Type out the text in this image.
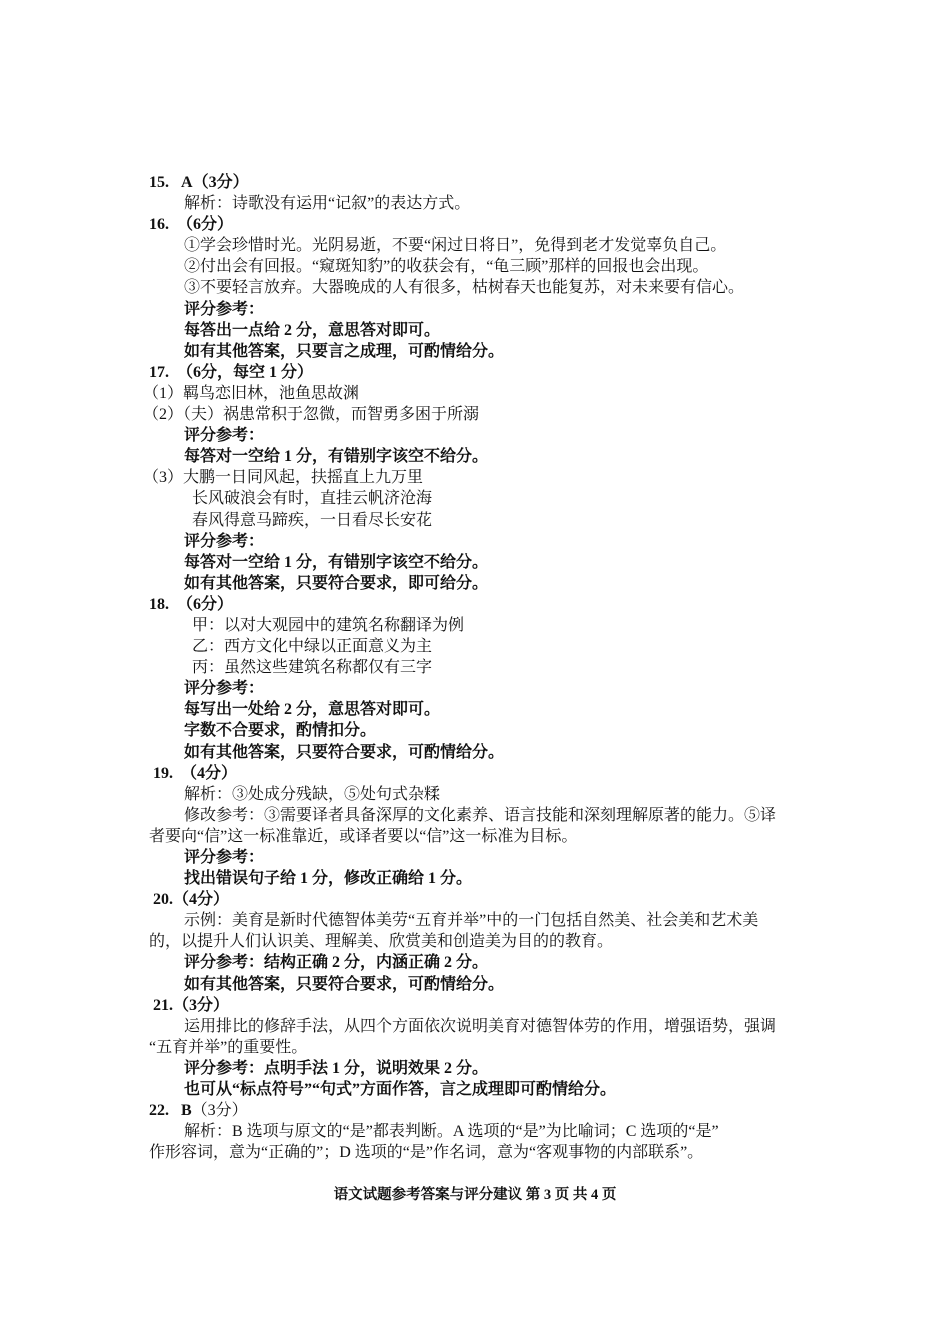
15. A（3分）
解析：诗歌没有运用“记叙”的表达方式。
16. （6分）
①学会珍惜时光。光阴易逝，不要“闲过日将日”，免得到老才发觉辜负自己。
②付出会有回报。“窥斑知豹”的收获会有，“龟三顾”那样的回报也会出现。
③不要轻言放弃。大器晚成的人有很多，枯树春天也能复苏，对未来要有信心。
评分参考：
每答出一点给 2 分，意思答对即可。
如有其他答案，只要言之成理，可酌情给分。
17. （6分，每空 1 分）
（1）羁鸟恋旧林，池鱼思故渊
（2）（夫）祸患常积于忽微，而智勇多困于所溺
评分参考：
每答对一空给 1 分，有错别字该空不给分。
（3）大鹏一日同风起，扶摇直上九万里
长风破浪会有时，直挂云帆济沧海
春风得意马蹄疾，一日看尽长安花
评分参考：
每答对一空给 1 分，有错别字该空不给分。
如有其他答案，只要符合要求，即可给分。
18. （6分）
甲：以对大观园中的建筑名称翻译为例
乙：西方文化中绿以正面意义为主
丙：虽然这些建筑名称都仅有三字
评分参考：
每写出一处给 2 分，意思答对即可。
字数不合要求，酌情扣分。
如有其他答案，只要符合要求，可酌情给分。
19. （4分）
解析：③处成分残缺，⑤处句式杂糅
修改参考：③需要译者具备深厚的文化素养、语言技能和深刻理解原著的能力。⑤译
者要向“信”这一标准靠近，或译者要以“信”这一标准为目标。
评分参考：
找出错误句子给 1 分，修改正确给 1 分。
20.（4分）
示例：美育是新时代德智体美劳“五育并举”中的一门包括自然美、社会美和艺术美
的，以提升人们认识美、理解美、欣赏美和创造美为目的的教育。
评分参考：结构正确 2 分，内涵正确 2 分。
如有其他答案，只要符合要求，可酌情给分。
21.（3分）
运用排比的修辞手法，从四个方面依次说明美育对德智体劳的作用，增强语势，强调
“五育并举”的重要性。
评分参考：点明手法 1 分，说明效果 2 分。
也可从“标点符号”“句式”方面作答，言之成理即可酌情给分。
22. B（3分）
解析：B 选项与原文的“是”都表判断。A 选项的“是”为比喻词；C 选项的“是”
作形容词，意为“正确的”；D 选项的“是”作名词，意为“客观事物的内部联系”。
语文试题参考答案与评分建议 第 3 页 共 4 页
